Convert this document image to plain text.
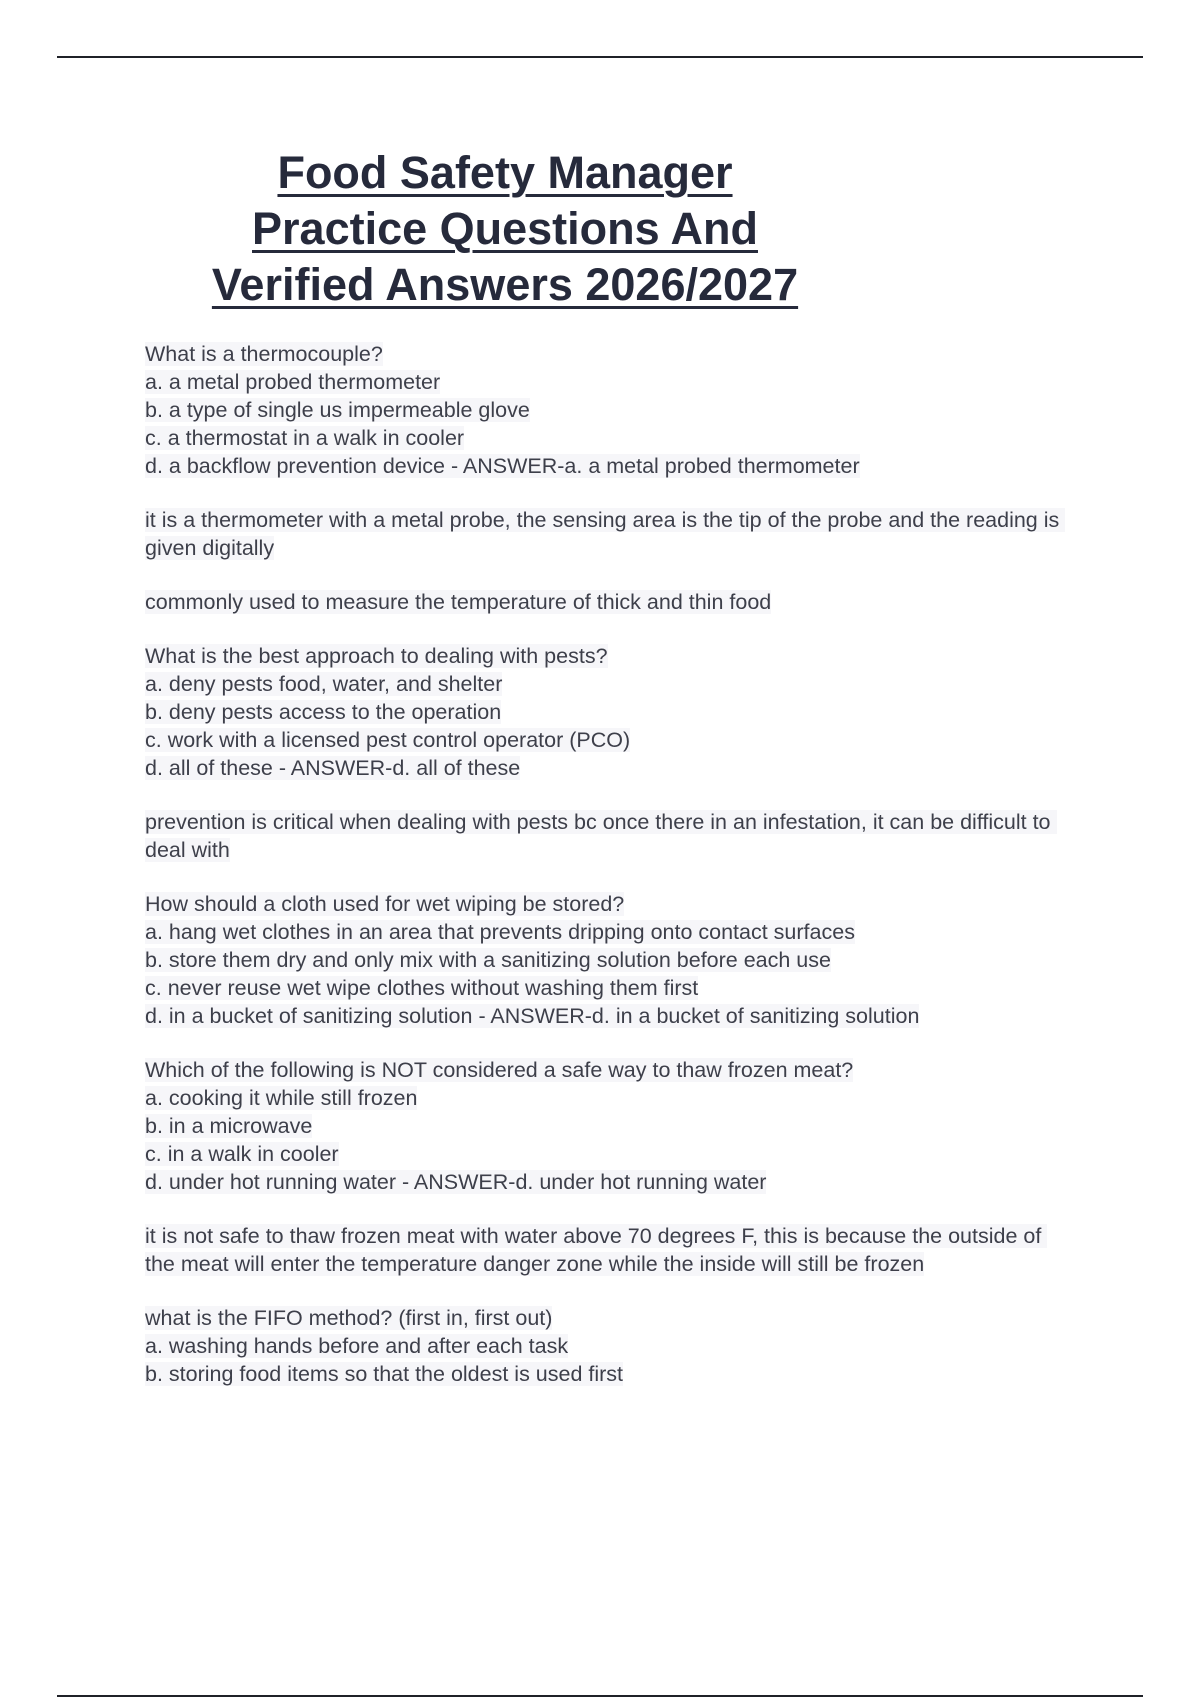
Food Safety Manager
Practice Questions And
Verified Answers 2026/2027
What is a thermocouple?
a. a metal probed thermometer
b. a type of single us impermeable glove
c. a thermostat in a walk in cooler
d. a backflow prevention device - ANSWER-a. a metal probed thermometer
it is a thermometer with a metal probe, the sensing area is the tip of the probe and the reading is given digitally
commonly used to measure the temperature of thick and thin food
What is the best approach to dealing with pests?
a. deny pests food, water, and shelter
b. deny pests access to the operation
c. work with a licensed pest control operator (PCO)
d. all of these - ANSWER-d. all of these
prevention is critical when dealing with pests bc once there in an infestation, it can be difficult to deal with
How should a cloth used for wet wiping be stored?
a. hang wet clothes in an area that prevents dripping onto contact surfaces
b. store them dry and only mix with a sanitizing solution before each use
c. never reuse wet wipe clothes without washing them first
d. in a bucket of sanitizing solution - ANSWER-d. in a bucket of sanitizing solution
Which of the following is NOT considered a safe way to thaw frozen meat?
a. cooking it while still frozen
b. in a microwave
c. in a walk in cooler
d. under hot running water - ANSWER-d. under hot running water
it is not safe to thaw frozen meat with water above 70 degrees F, this is because the outside of the meat will enter the temperature danger zone while the inside will still be frozen
what is the FIFO method? (first in, first out)
a. washing hands before and after each task
b. storing food items so that the oldest is used first
